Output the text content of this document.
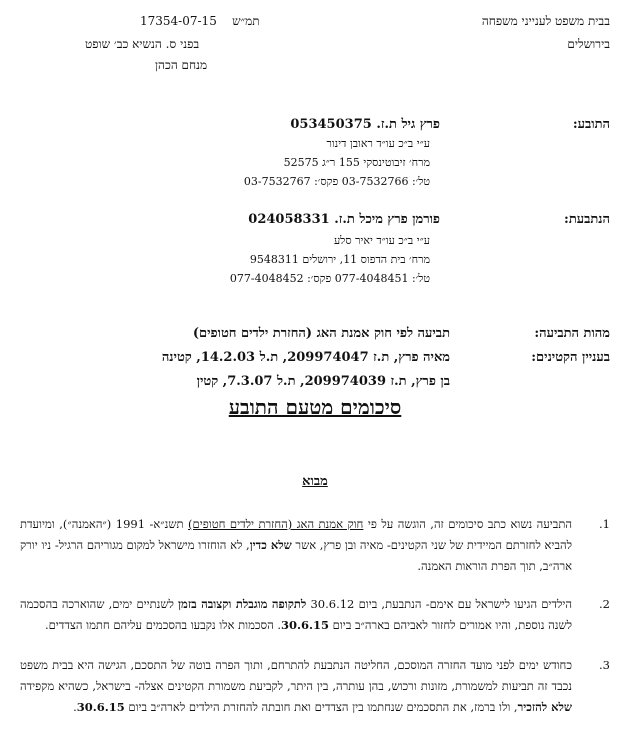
בבית משפט לענייני משפחה
בירושלים
תמ״ש    17354-07-15
בפני ס. הנשיא כב׳ שופט
מנחם הכהן
התובע:
פרץ גיל ת.ז. 053450375
ע״י ב״כ עו״ד ראובן דינור
מרח׳ זיבוטינסקי 155 ר״ג 52575
טל׳: 03-7532766 פקס׳: 03-7532767
הנתבעת:
פורמן פרץ מיכל ת.ז. 024058331
ע״י ב״כ עו״ד יאיר סלע
מרח׳ בית הדפוס 11, ירושלים 9548311
טל׳: 077-4048451 פקס׳: 077-4048452
מהות התביעה:
תביעה לפי חוק אמנת האג (החזרת ילדים חטופים)
בעניין הקטינים:
מאיה פרץ, ת.ז 209974047, ת.ל 14.2.03, קטינה
בן פרץ, ת.ז 209974039, ת.ל 7.3.07, קטין
סיכומים מטעם התובע
מבוא
1.
התביעה נשוא כתב סיכומים זה, הוגשה על פי חוק אמנת האג (החזרת ילדים חטופים) תשנ״א- 1991 (״האמנה״), ומיועדת להביא לחזרתם המיידית של שני הקטינים- מאיה ובן פרץ, אשר שלא כדין, לא הוחזרו מישראל למקום מגוריהם הרגיל- ניו יורק ארה״ב, תוך הפרת הוראות האמנה.
2.
הילדים הגיעו לישראל עם אימם- הנתבעת, ביום 30.6.12 לתקופה מוגבלת וקצובה בזמן לשנתיים ימים, שהוארכה בהסכמה לשנה נוספת, והיו אמורים לחזור לאביהם בארה״ב ביום 30.6.15. הסכמות אלו נקבעו בהסכמים עליהם חתמו הצדדים.
3.
כחודש ימים לפני מועד החזרה המוסכם, החליטה הנתבעת להתרחם, ותוך הפרה בוטה של התסכם, הגישה היא בבית משפט נכבד זה תביעות למשמורת, מזונות ורכוש, בהן עותרה, בין היתר, לקביעת משמורת הקטינים אצלה- בישראל, כשהיא מקפידה שלא להזכיר, ולו ברמז, את התסכמים שנחתמו בין הצדדים ואת חובתה להחזרת הילדים לארה״ב ביום 30.6.15.
